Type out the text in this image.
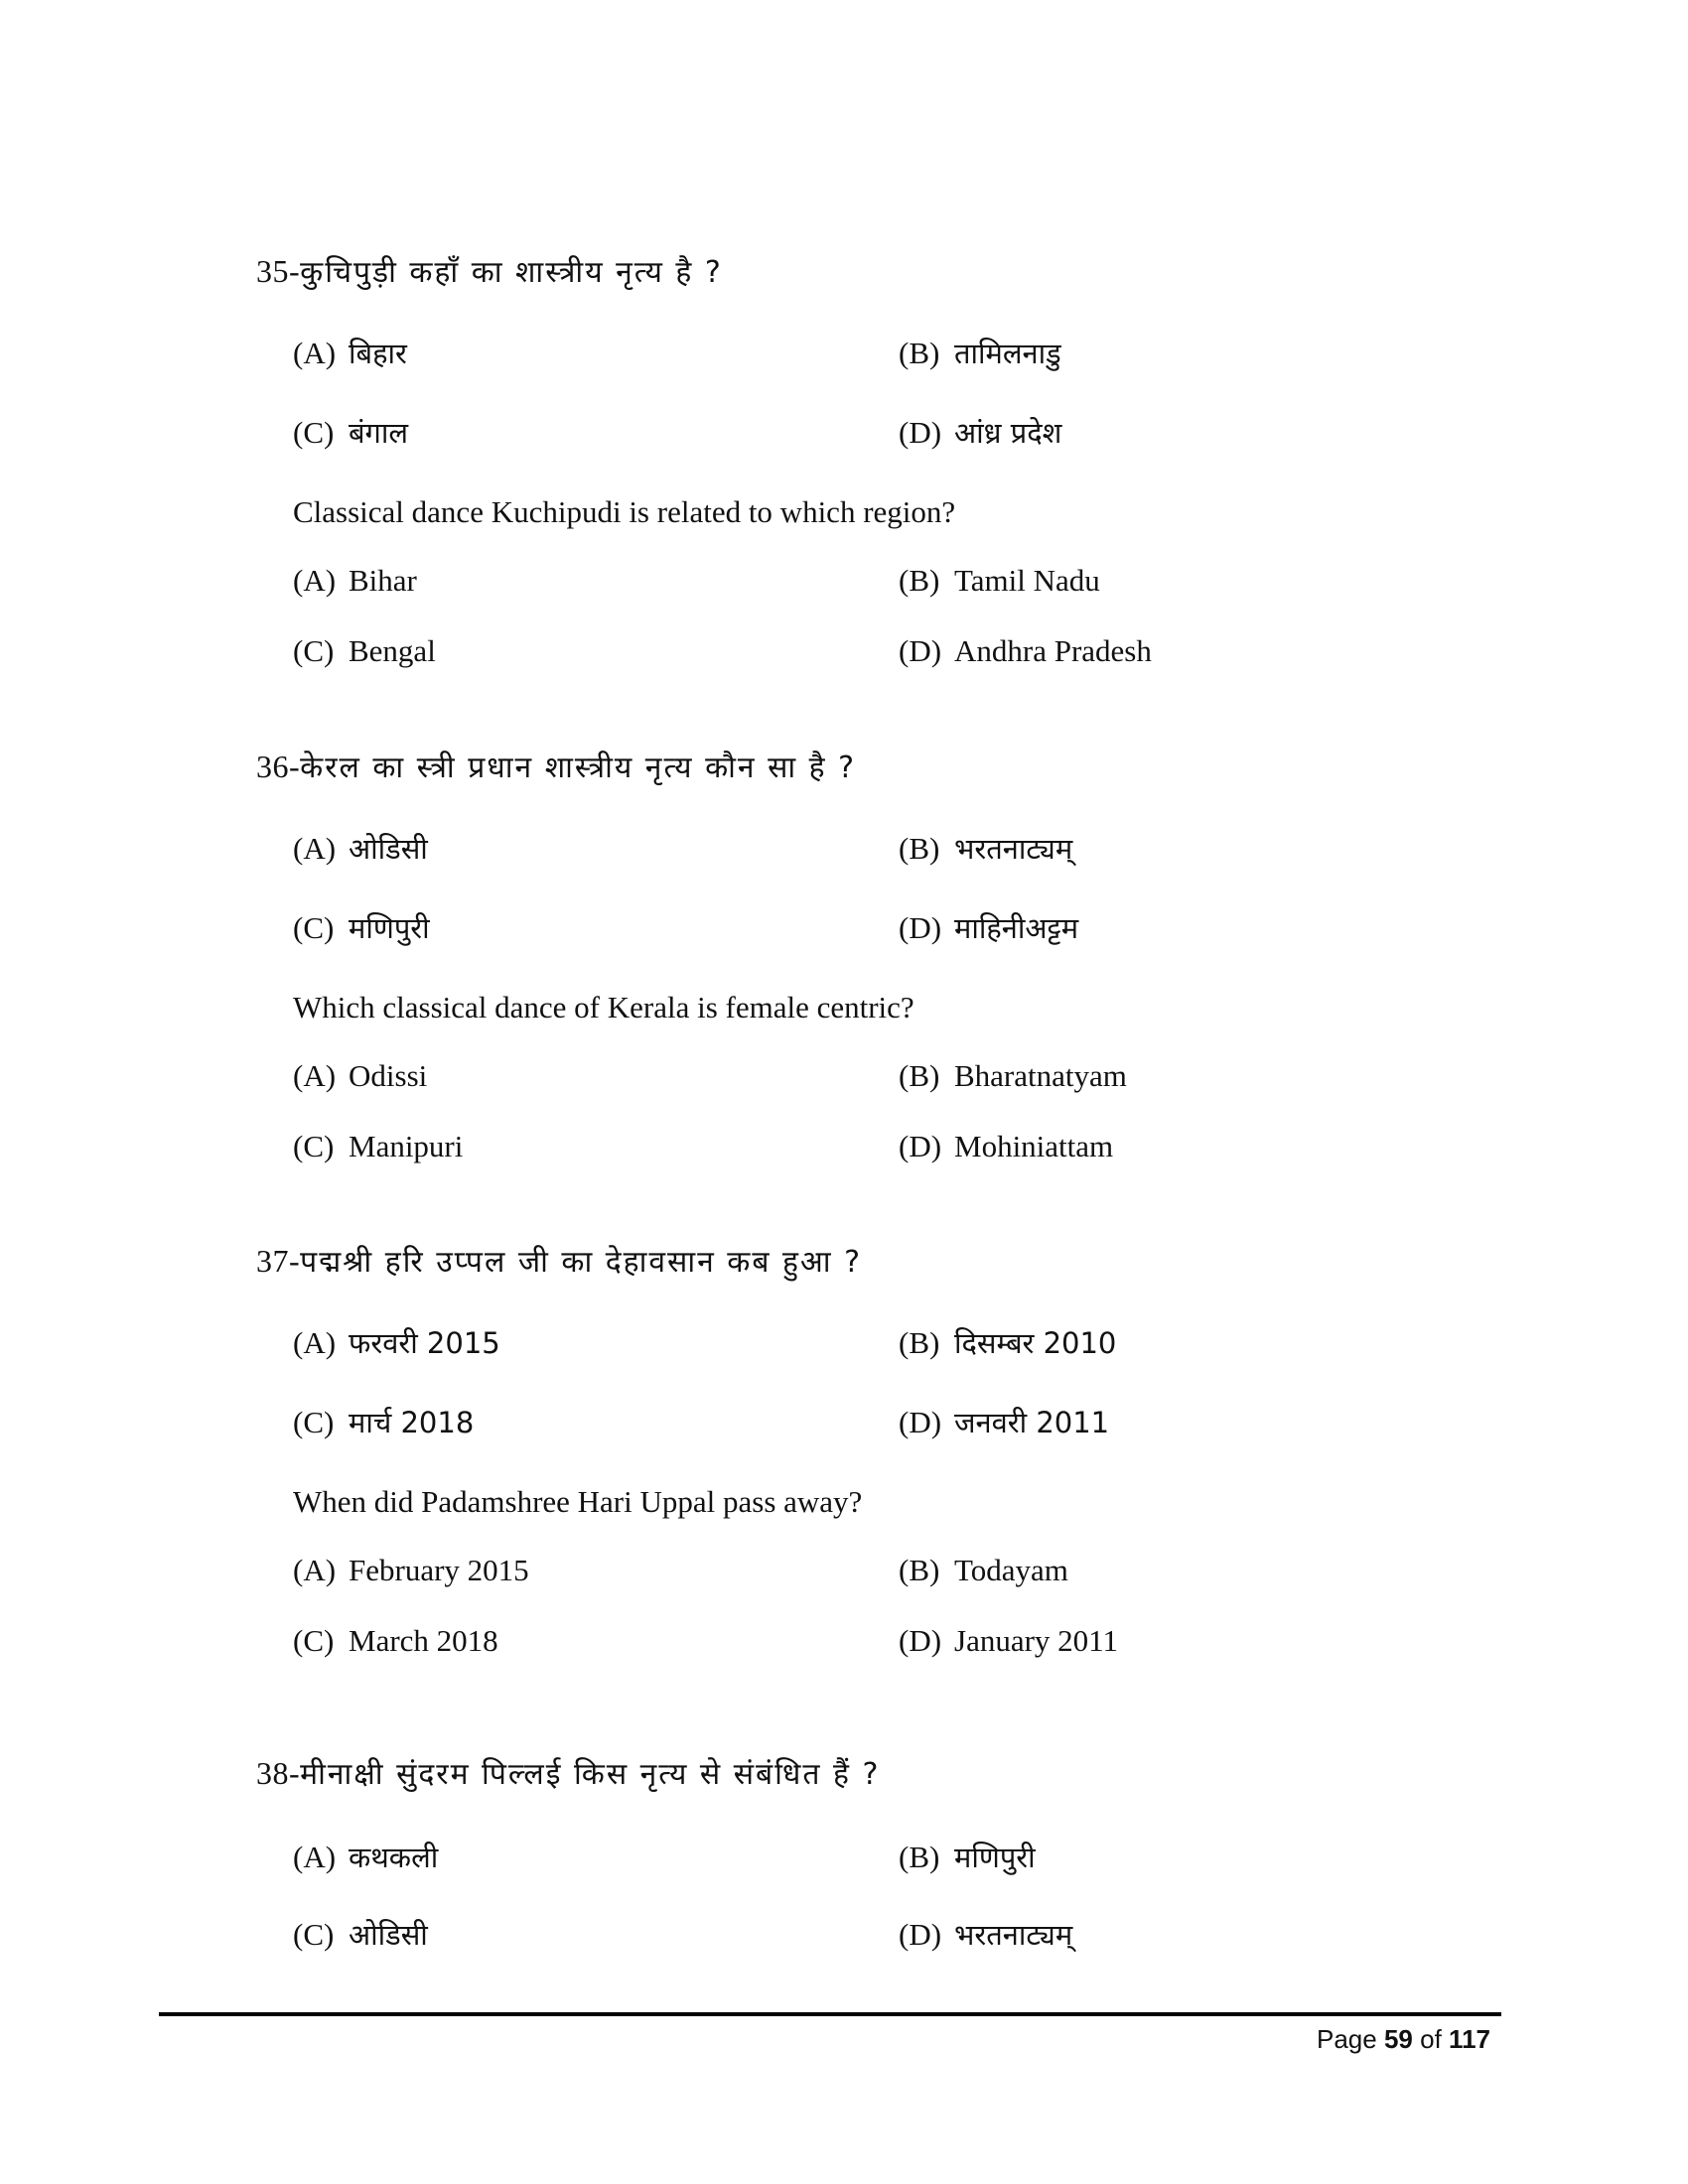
35-कुचिपुड़ी कहाँ का शास्त्रीय नृत्य है ?
(A) बिहार	(B) तामिलनाडु
(C) बंगाल	(D) आंध्र प्रदेश
Classical dance Kuchipudi is related to which region?
(A) Bihar	(B) Tamil Nadu
(C) Bengal	(D) Andhra Pradesh
36-केरल का स्त्री प्रधान शास्त्रीय नृत्य कौन सा है ?
(A) ओडिसी	(B) भरतनाट्यम्
(C) मणिपुरी	(D) माहिनीअट्टम
Which classical dance of Kerala is female centric?
(A) Odissi	(B) Bharatnatyam
(C) Manipuri	(D) Mohiniattam
37-पद्मश्री हरि उप्पल जी का देहावसान कब हुआ ?
(A) फरवरी 2015	(B) दिसम्बर 2010
(C) मार्च 2018	(D) जनवरी 2011
When did Padamshree Hari Uppal pass away?
(A) February 2015	(B) Todayam
(C) March 2018	(D) January 2011
38-मीनाक्षी सुंदरम पिल्लई किस नृत्य से संबंधित हैं ?
(A) कथकली	(B) मणिपुरी
(C) ओडिसी	(D) भरतनाट्यम्
Page 59 of 117
